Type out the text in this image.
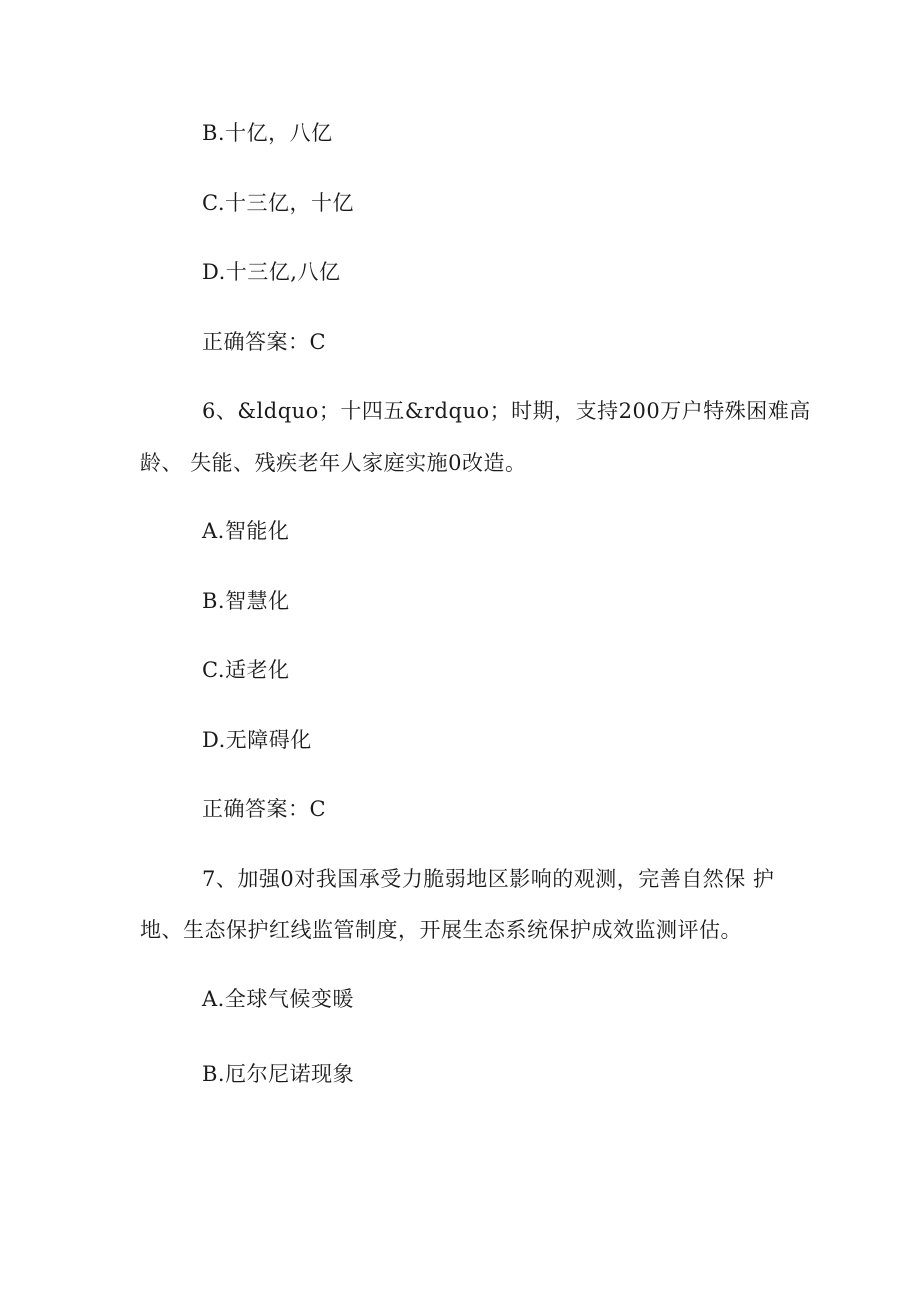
B.十亿，八亿
C.十三亿，十亿
D.十三亿,八亿
正确答案：C
6、&ldquo；十四五&rdquo；时期，支持200万户特殊困难高
龄、 失能、残疾老年人家庭实施0改造。
A.智能化
B.智慧化
C.适老化
D.无障碍化
正确答案：C
7、加强0对我国承受力脆弱地区影响的观测，完善自然保 护
地、生态保护红线监管制度，开展生态系统保护成效监测评估。
A.全球气候变暖
B.厄尔尼诺现象
